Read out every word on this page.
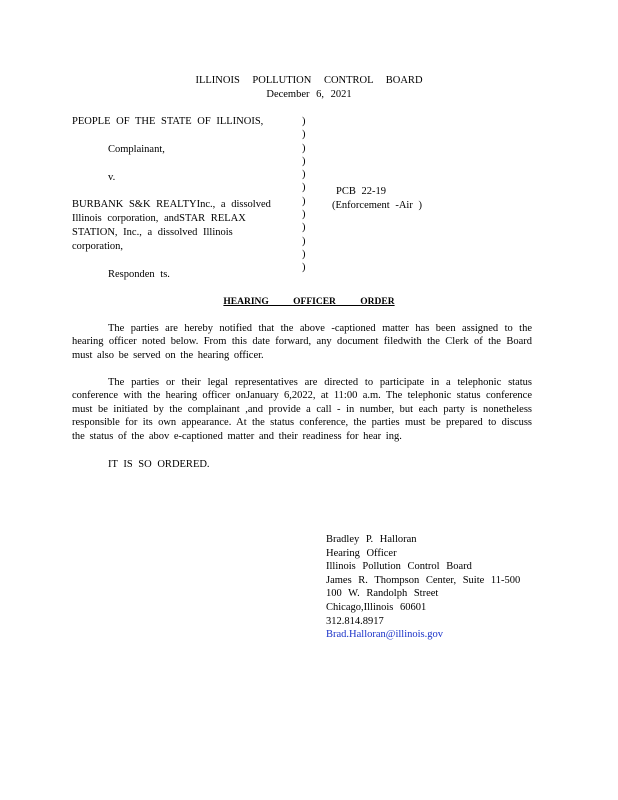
ILLINOIS POLLUTION CONTROL BOARD
December 6, 2021
PEOPLE OF THE STATE OF ILLINOIS,
Complainant,
v.
BURBANK S&K REALTYInc., a dissolved
Illinois corporation, andSTAR RELAX
STATION, Inc., a dissolved Illinois
corporation,
Responden ts.
)
)
)
)
)
)
)
)
)
)
)
)
PCB 22-19
(Enforcement -Air )
HEARING OFFICER ORDER
The parties are hereby notified that the above -captioned matter has been assigned to the hearing officer noted below. From this date forward, any document filedwith the Clerk of the Board must also be served on the hearing officer.
The parties or their legal representatives are directed to participate in a telephonic status conference with the hearing officer onJanuary 6,2022, at 11:00 a.m. The telephonic status conference must be initiated by the complainant ,and provide a call - in number, but each party is nonetheless responsible for its own appearance. At the status conference, the parties must be prepared to discuss the status of the abov e-captioned matter and their readiness for hear ing.
IT IS SO ORDERED.
Bradley P. Halloran
Hearing Officer
Illinois Pollution Control Board
James R. Thompson Center, Suite 11-500
100 W. Randolph Street
Chicago,Illinois 60601
312.814.8917
Brad.Halloran@illinois.gov
